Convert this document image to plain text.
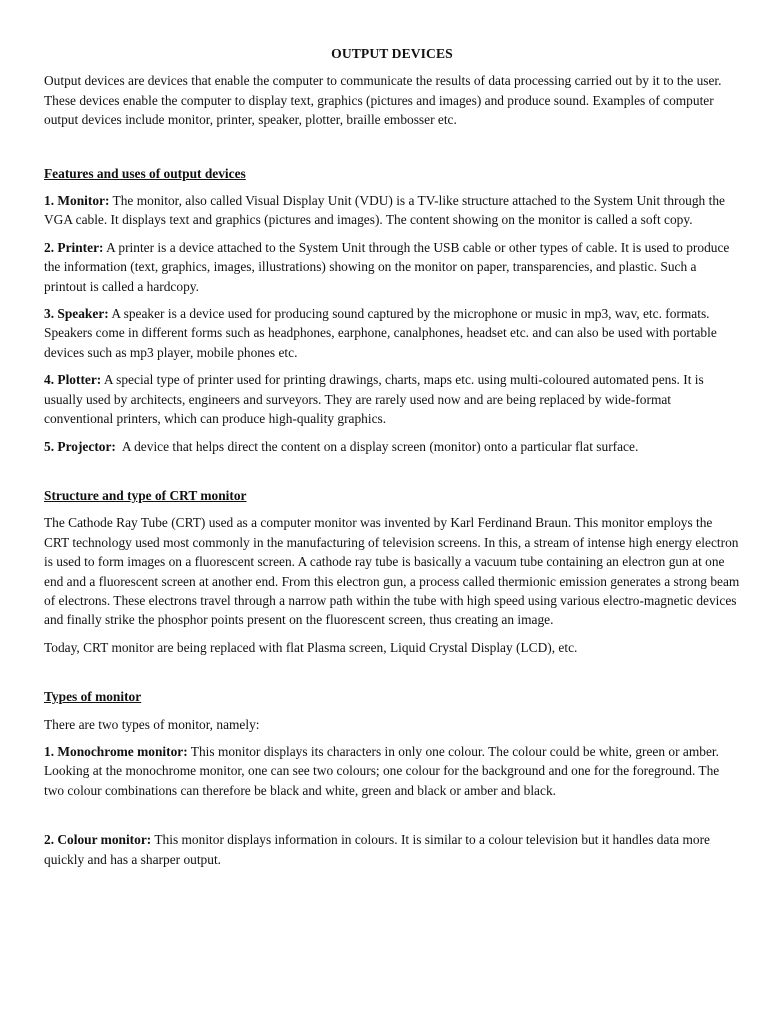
OUTPUT DEVICES

Output devices are devices that enable the computer to communicate the results of data processing carried out by it to the user. These devices enable the computer to display text, graphics (pictures and images) and produce sound. Examples of computer output devices include monitor, printer, speaker, plotter, braille embosser etc.

Features and uses of output devices

1. Monitor: The monitor, also called Visual Display Unit (VDU) is a TV-like structure attached to the System Unit through the VGA cable. It displays text and graphics (pictures and images). The content showing on the monitor is called a soft copy.

2. Printer: A printer is a device attached to the System Unit through the USB cable or other types of cable. It is used to produce the information (text, graphics, images, illustrations) showing on the monitor on paper, transparencies, and plastic. Such a printout is called a hardcopy.

3. Speaker: A speaker is a device used for producing sound captured by the microphone or music in mp3, wav, etc. formats. Speakers come in different forms such as headphones, earphone, canalphones, headset etc. and can also be used with portable devices such as mp3 player, mobile phones etc.

4. Plotter: A special type of printer used for printing drawings, charts, maps etc. using multi-coloured automated pens. It is usually used by architects, engineers and surveyors. They are rarely used now and are being replaced by wide-format conventional printers, which can produce high-quality graphics.

5. Projector:  A device that helps direct the content on a display screen (monitor) onto a particular flat surface.

Structure and type of CRT monitor

The Cathode Ray Tube (CRT) used as a computer monitor was invented by Karl Ferdinand Braun. This monitor employs the CRT technology used most commonly in the manufacturing of television screens. In this, a stream of intense high energy electron is used to form images on a fluorescent screen. A cathode ray tube is basically a vacuum tube containing an electron gun at one end and a fluorescent screen at another end. From this electron gun, a process called thermionic emission generates a strong beam of electrons. These electrons travel through a narrow path within the tube with high speed using various electro-magnetic devices and finally strike the phosphor points present on the fluorescent screen, thus creating an image.

Today, CRT monitor are being replaced with flat Plasma screen, Liquid Crystal Display (LCD), etc.

Types of monitor

There are two types of monitor, namely:

1. Monochrome monitor: This monitor displays its characters in only one colour. The colour could be white, green or amber. Looking at the monochrome monitor, one can see two colours; one colour for the background and one for the foreground. The two colour combinations can therefore be black and white, green and black or amber and black.

2. Colour monitor: This monitor displays information in colours. It is similar to a colour television but it handles data more quickly and has a sharper output.
